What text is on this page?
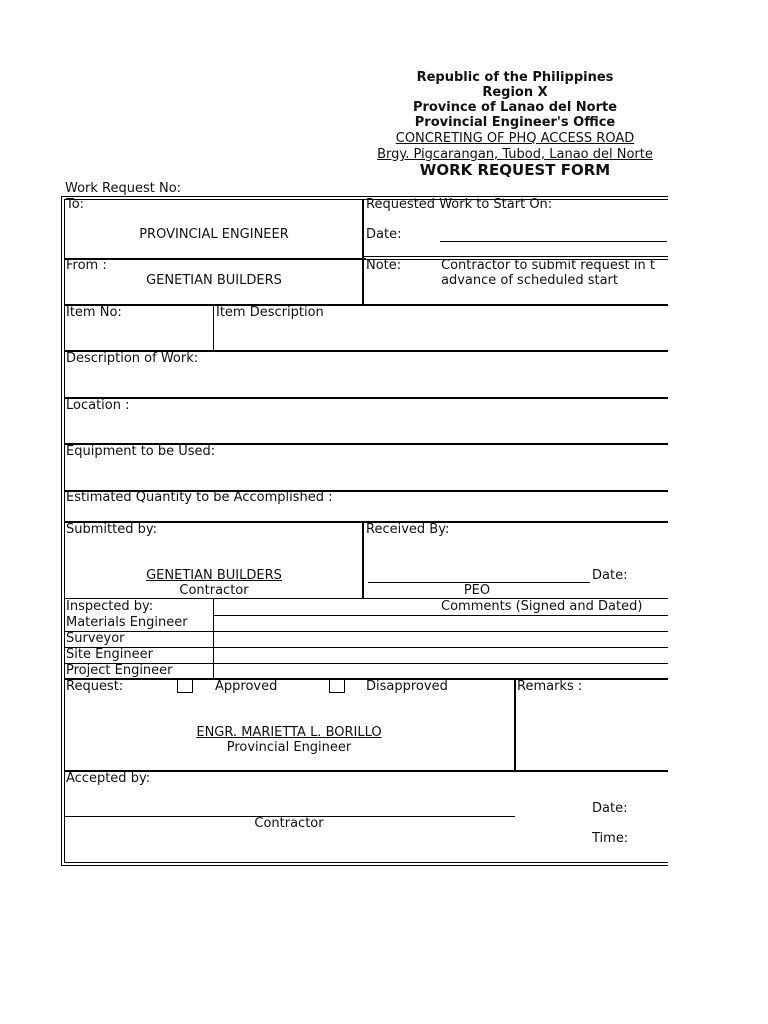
Republic of the Philippines
Region X
Province of Lanao del Norte
Provincial Engineer's Office
CONCRETING OF PHQ ACCESS ROAD
Brgy. Pigcarangan, Tubod, Lanao del Norte
WORK REQUEST FORM
Work Request No:
To:
PROVINCIAL ENGINEER
Requested Work to Start On:
Date:
From :
GENETIAN BUILDERS
Note:	Contractor to submit request in t
advance of scheduled start
Item No:	Item Description
Description of Work:
Location :
Equipment to be Used:
Estimated Quantity to be Accomplished :
Submitted by:
GENETIAN BUILDERS
Contractor
Received By:
Date:
PEO
Inspected by:	Comments (Signed and Dated)
Materials Engineer
Surveyor
Site Engineer
Project Engineer
Request:	Approved	Disapproved	Remarks :
ENGR. MARIETTA L. BORILLO
Provincial Engineer
Accepted by:
Date:
Contractor
Time:
